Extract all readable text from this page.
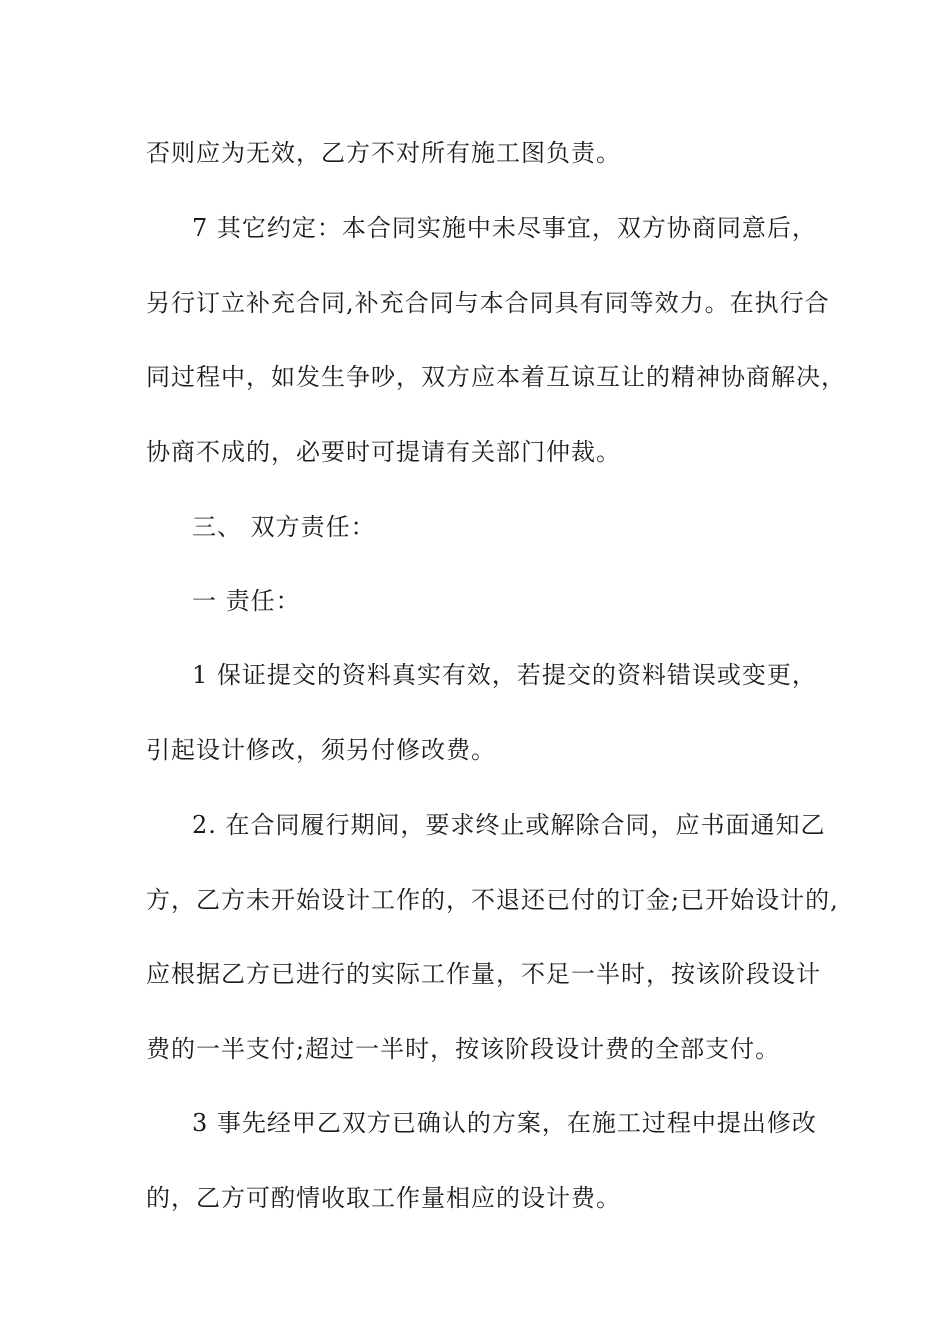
否则应为无效，乙方不对所有施工图负责。
7 其它约定：本合同实施中未尽事宜，双方协商同意后，
另行订立补充合同,补充合同与本合同具有同等效力。在执行合
同过程中，如发生争吵，双方应本着互谅互让的精神协商解决，
协商不成的，必要时可提请有关部门仲裁。
三、 双方责任：
一 责任：
1 保证提交的资料真实有效，若提交的资料错误或变更，
引起设计修改，须另付修改费。
2. 在合同履行期间，要求终止或解除合同，应书面通知乙
方，乙方未开始设计工作的，不退还已付的订金;已开始设计的,
应根据乙方已进行的实际工作量，不足一半时，按该阶段设计
费的一半支付;超过一半时，按该阶段设计费的全部支付。
3 事先经甲乙双方已确认的方案，在施工过程中提出修改
的，乙方可酌情收取工作量相应的设计费。
